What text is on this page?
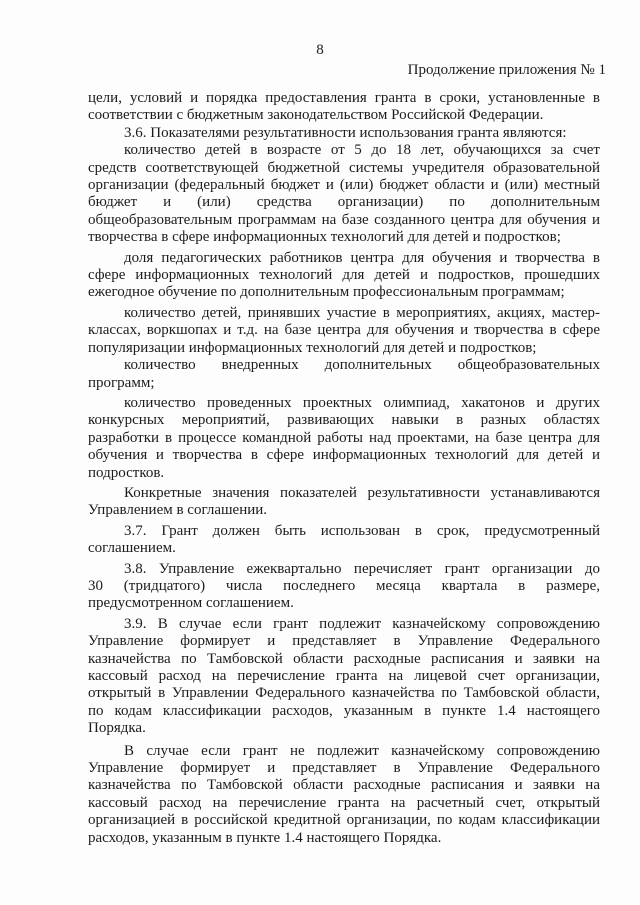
8
Продолжение приложения № 1

цели, условий и порядка предоставления гранта в сроки, установленные в
соответствии с бюджетным законодательством Российской Федерации.

3.6. Показателями результативности использования гранта являются:

количество детей в возрасте от 5 до 18 лет, обучающихся за счет
средств соответствующей бюджетной системы учредителя образовательной
организации (федеральный бюджет и (или) бюджет области и (или) местный
бюджет и (или) средства организации) по дополнительным
общеобразовательным программам на базе созданного центра для обучения и
творчества в сфере информационных технологий для детей и подростков;

доля педагогических работников центра для обучения и творчества в
сфере информационных технологий для детей и подростков, прошедших
ежегодное обучение по дополнительным профессиональным программам;

количество детей, принявших участие в мероприятиях, акциях, мастер-
классах, воркшопах и т.д. на базе центра для обучения и творчества в сфере
популяризации информационных технологий для детей и подростков;

количество внедренных дополнительных общеобразовательных
программ;

количество проведенных проектных олимпиад, хакатонов и других
конкурсных мероприятий, развивающих навыки в разных областях
разработки в процессе командной работы над проектами, на базе центра для
обучения и творчества в сфере информационных технологий для детей и
подростков.

Конкретные значения показателей результативности устанавливаются
Управлением в соглашении.

3.7. Грант должен быть использован в срок, предусмотренный
соглашением.

3.8. Управление ежеквартально перечисляет грант организации до
30 (тридцатого) числа последнего месяца квартала в размере,
предусмотренном соглашением.

3.9. В случае если грант подлежит казначейскому сопровождению
Управление формирует и представляет в Управление Федерального
казначейства по Тамбовской области расходные расписания и заявки на
кассовый расход на перечисление гранта на лицевой счет организации,
открытый в Управлении Федерального казначейства по Тамбовской области,
по кодам классификации расходов, указанным в пункте 1.4 настоящего
Порядка.

В случае если грант не подлежит казначейскому сопровождению
Управление формирует и представляет в Управление Федерального
казначейства по Тамбовской области расходные расписания и заявки на
кассовый расход на перечисление гранта на расчетный счет, открытый
организацией в российской кредитной организации, по кодам классификации
расходов, указанным в пункте 1.4 настоящего Порядка.
